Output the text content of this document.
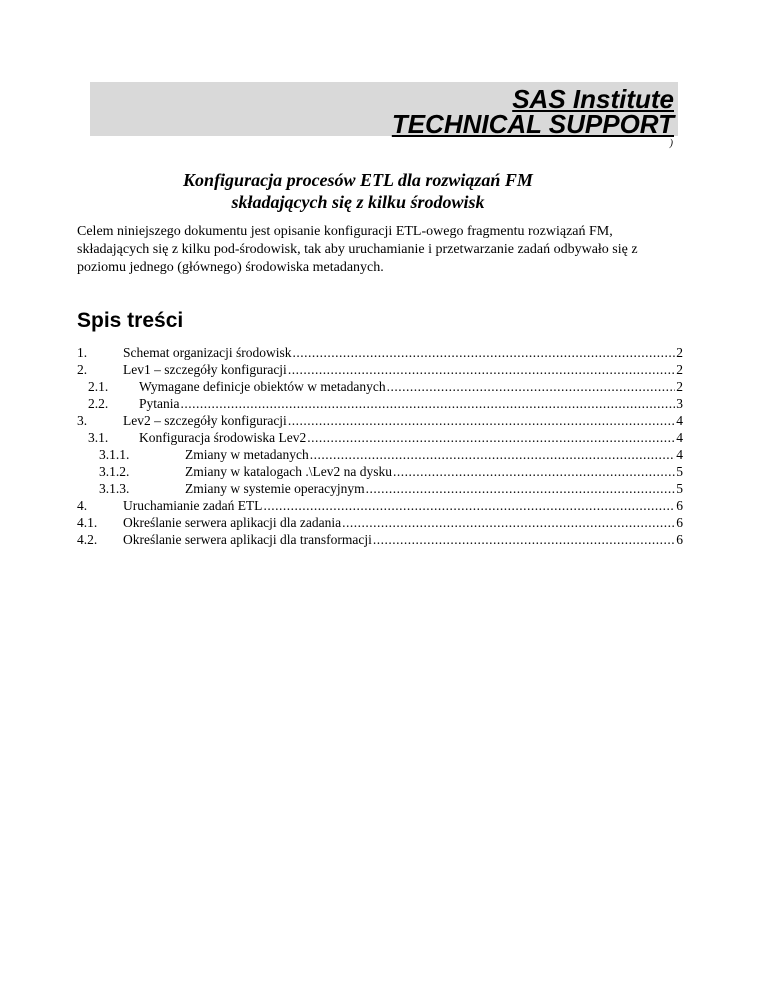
SAS Institute
TECHNICAL SUPPORT
)
Konfiguracja procesów ETL dla rozwiązań FM
składających się z kilku środowisk
Celem niniejszego dokumentu jest opisanie konfiguracji ETL-owego fragmentu rozwiązań FM, składających się z kilku pod-środowisk, tak aby uruchamianie i przetwarzanie zadań odbywało się z poziomu jednego (głównego) środowiska metadanych.
Spis treści
1.	Schemat organizacji środowisk .....	2
2.	Lev1 – szczegóły konfiguracji .....	2
2.1.	Wymagane definicje obiektów w metadanych .....	2
2.2.	Pytania .....	3
3.	Lev2 – szczegóły konfiguracji .....	4
3.1.	Konfiguracja środowiska Lev2 .....	4
3.1.1.	Zmiany w metadanych .....	4
3.1.2.	Zmiany w katalogach .\Lev2 na dysku .....	5
3.1.3.	Zmiany w systemie operacyjnym .....	5
4.	Uruchamianie zadań ETL .....	6
4.1.	Określanie serwera aplikacji dla zadania .....	6
4.2.	Określanie serwera aplikacji dla transformacji .....	6
